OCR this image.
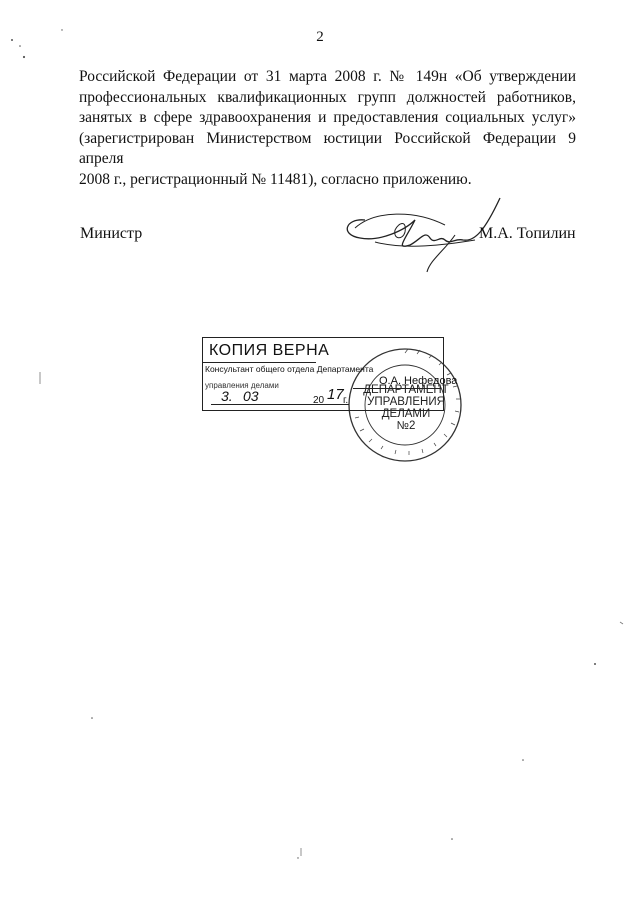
2
Российской Федерации от 31 марта 2008 г. № 149н «Об утверждении
профессиональных квалификационных групп должностей работников,
занятых в сфере здравоохранения и предоставления социальных услуг»
(зарегистрирован Министерством юстиции Российской Федерации 9 апреля
2008 г., регистрационный № 11481), согласно приложению.
Министр	М.А. Топилин
ДЕПАРТАМЕНТ
УПРАВЛЕНИЯ
ДЕЛАМИ
№2
КОПИЯ ВЕРНА
Консультант общего отдела Департамента
управления делами	О.А. Нефедова
3. 03	20 17 г.
